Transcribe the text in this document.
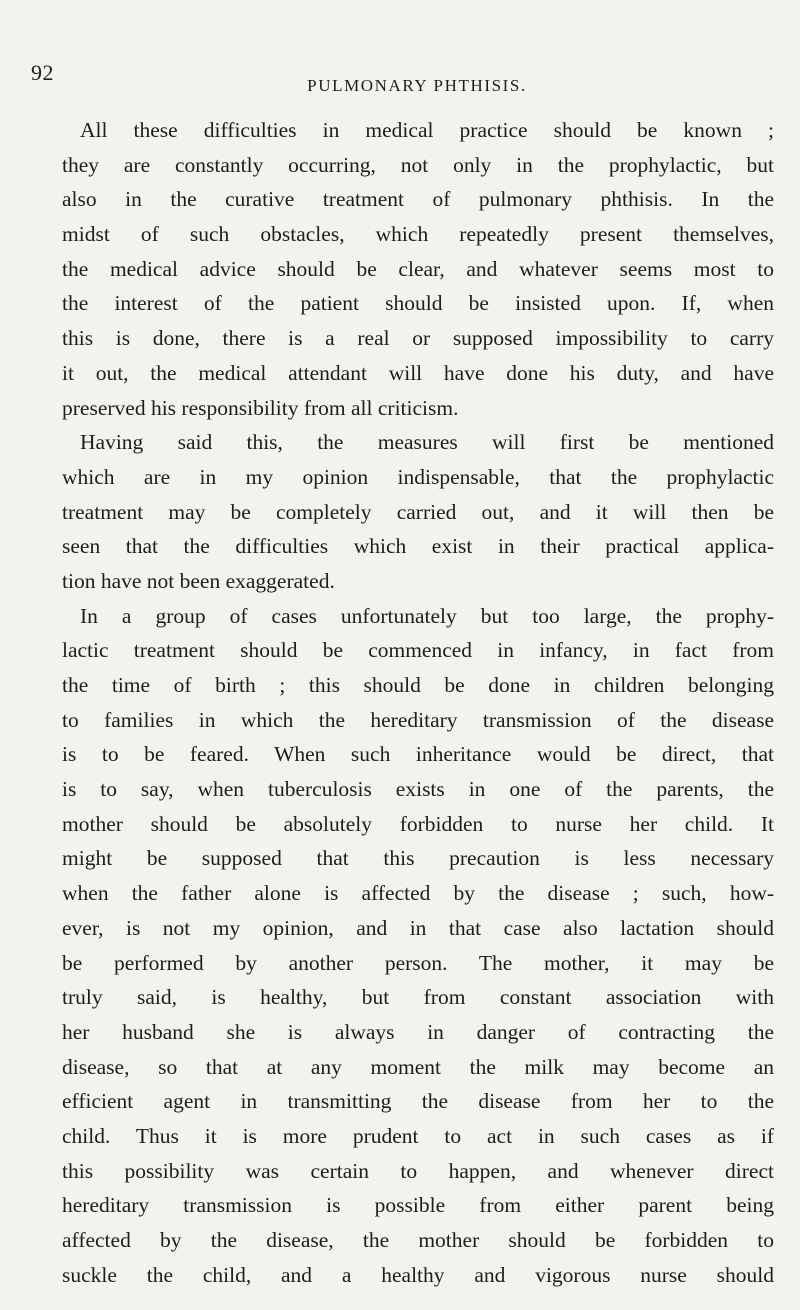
92
PULMONARY PHTHISIS.
All these difficulties in medical practice should be known ;
they are constantly occurring, not only in the prophylactic, but
also in the curative treatment of pulmonary phthisis. In the
midst of such obstacles, which repeatedly present themselves,
the medical advice should be clear, and whatever seems most to
the interest of the patient should be insisted upon. If, when
this is done, there is a real or supposed impossibility to carry
it out, the medical attendant will have done his duty, and have
preserved his responsibility from all criticism.
Having said this, the measures will first be mentioned
which are in my opinion indispensable, that the prophylactic
treatment may be completely carried out, and it will then be
seen that the difficulties which exist in their practical applica-
tion have not been exaggerated.
In a group of cases unfortunately but too large, the prophy-
lactic treatment should be commenced in infancy, in fact from
the time of birth ; this should be done in children belonging
to families in which the hereditary transmission of the disease
is to be feared. When such inheritance would be direct, that
is to say, when tuberculosis exists in one of the parents, the
mother should be absolutely forbidden to nurse her child. It
might be supposed that this precaution is less necessary
when the father alone is affected by the disease ; such, how-
ever, is not my opinion, and in that case also lactation should
be performed by another person. The mother, it may be
truly said, is healthy, but from constant association with
her husband she is always in danger of contracting the
disease, so that at any moment the milk may become an
efficient agent in transmitting the disease from her to the
child. Thus it is more prudent to act in such cases as if
this possibility was certain to happen, and whenever direct
hereditary transmission is possible from either parent being
affected by the disease, the mother should be forbidden to
suckle the child, and a healthy and vigorous nurse should
